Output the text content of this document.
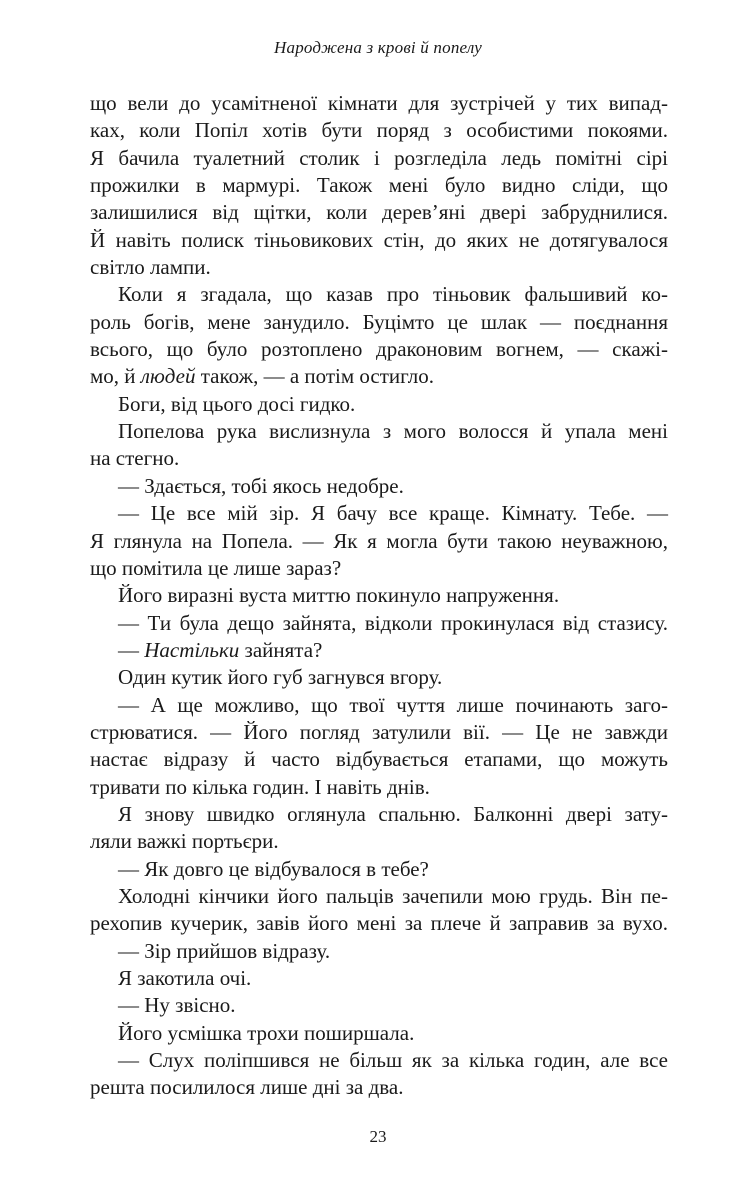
Народжена з крові й попелу
що вели до усамітненої кімнати для зустрічей у тих випад-
ках, коли Попіл хотів бути поряд з особистими покоями.
Я бачила туалетний столик і розгледіла ледь помітні сірі
прожилки в мармурі. Також мені було видно сліди, що
залишилися від щітки, коли дерев’яні двері забруднилися.
Й навіть полиск тіньовикових стін, до яких не дотягувалося
світло лампи.
Коли я згадала, що казав про тіньовик фальшивий ко-
роль богів, мене занудило. Буцімто це шлак — поєднання
всього, що було розтоплено драконовим вогнем, — скажі-
мо, й людей також, — а потім остигло.
Боги, від цього досі гидко.
Попелова рука вислизнула з мого волосся й упала мені
на стегно.
— Здається, тобі якось недобре.
— Це все мій зір. Я бачу все краще. Кімнату. Тебе. —
Я глянула на Попела. — Як я могла бути такою неуважною,
що помітила це лише зараз?
Його виразні вуста миттю покинуло напруження.
— Ти була дещо зайнята, відколи прокинулася від стазису.
— Настільки зайнята?
Один кутик його губ загнувся вгору.
— А ще можливо, що твої чуття лише починають заго-
стрюватися. — Його погляд затулили вії. — Це не завжди
настає відразу й часто відбувається етапами, що можуть
тривати по кілька годин. І навіть днів.
Я знову швидко оглянула спальню. Балконні двері зату-
ляли важкі портьєри.
— Як довго це відбувалося в тебе?
Холодні кінчики його пальців зачепили мою грудь. Він пе-
рехопив кучерик, завів його мені за плече й заправив за вухо.
— Зір прийшов відразу.
Я закотила очі.
— Ну звісно.
Його усмішка трохи поширшала.
— Слух поліпшився не більш як за кілька годин, але все
решта посилилося лише дні за два.
23
